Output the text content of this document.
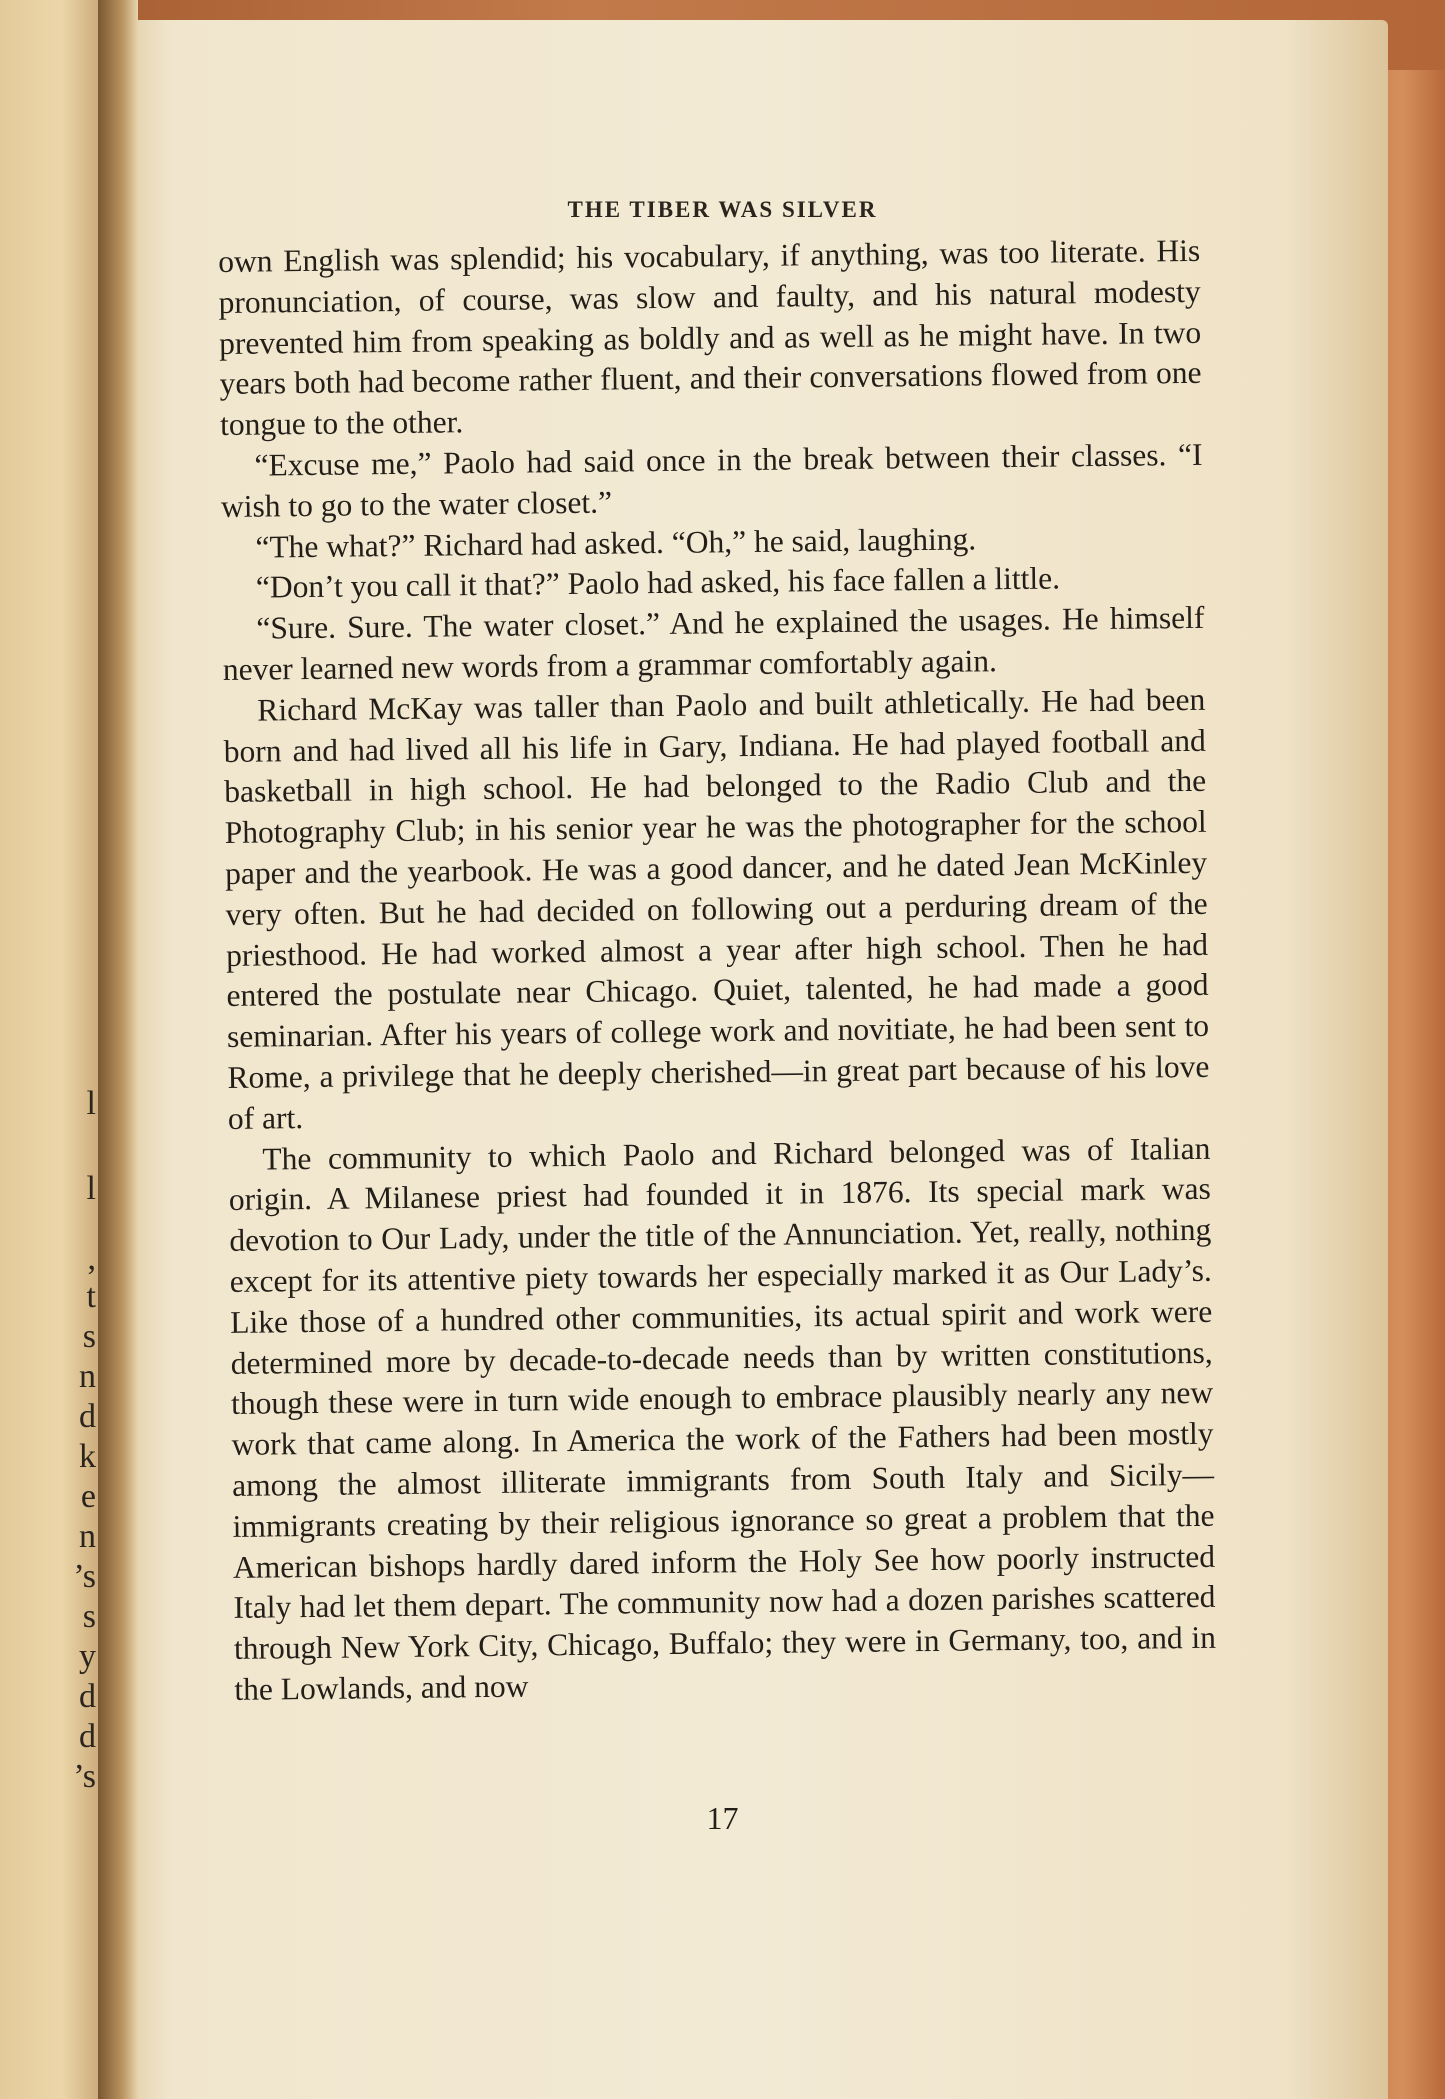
l
l
,
t
s
n
d
k
e
n
’s
s
y
d
d
’s
THE TIBER WAS SILVER

own English was splendid; his vocabulary, if anything, was too literate. His pronunciation, of course, was slow and faulty, and his natural modesty prevented him from speaking as boldly and as well as he might have. In two years both had become rather fluent, and their conversations flowed from one tongue to the other.

“Excuse me,” Paolo had said once in the break between their classes. “I wish to go to the water closet.”

“The what?” Richard had asked. “Oh,” he said, laughing.

“Don’t you call it that?” Paolo had asked, his face fallen a little.

“Sure. Sure. The water closet.” And he explained the usages. He himself never learned new words from a grammar comfortably again.

Richard McKay was taller than Paolo and built athletically. He had been born and had lived all his life in Gary, Indiana. He had played football and basketball in high school. He had belonged to the Radio Club and the Photography Club; in his senior year he was the photographer for the school paper and the yearbook. He was a good dancer, and he dated Jean McKinley very often. But he had decided on following out a perduring dream of the priesthood. He had worked almost a year after high school. Then he had entered the postulate near Chicago. Quiet, talented, he had made a good seminarian. After his years of college work and novitiate, he had been sent to Rome, a privilege that he deeply cherished—in great part because of his love of art.

The community to which Paolo and Richard belonged was of Italian origin. A Milanese priest had founded it in 1876. Its special mark was devotion to Our Lady, under the title of the Annunciation. Yet, really, nothing except for its attentive piety towards her especially marked it as Our Lady’s. Like those of a hundred other communities, its actual spirit and work were determined more by decade-to-decade needs than by written constitutions, though these were in turn wide enough to embrace plausibly nearly any new work that came along. In America the work of the Fathers had been mostly among the almost illiterate immigrants from South Italy and Sicily—immigrants creating by their religious ignorance so great a problem that the American bishops hardly dared inform the Holy See how poorly instructed Italy had let them depart. The community now had a dozen parishes scattered through New York City, Chicago, Buffalo; they were in Germany, too, and in the Lowlands, and now

17
